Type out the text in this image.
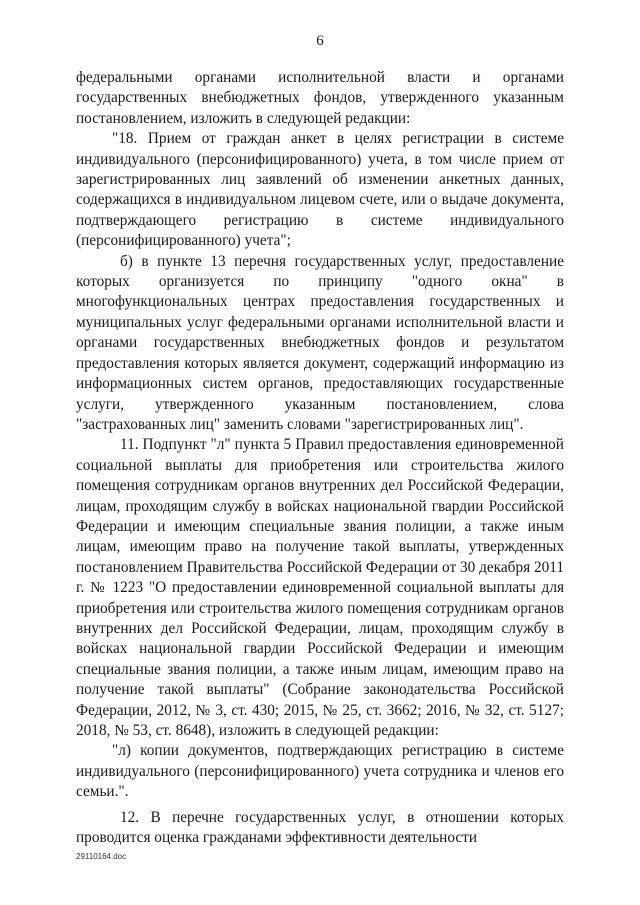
6

федеральными органами исполнительной власти и органами государственных внебюджетных фондов, утвержденного указанным постановлением, изложить в следующей редакции:

"18. Прием от граждан анкет в целях регистрации в системе индивидуального (персонифицированного) учета, в том числе прием от зарегистрированных лиц заявлений об изменении анкетных данных, содержащихся в индивидуальном лицевом счете, или о выдаче документа, подтверждающего регистрацию в системе индивидуального (персонифицированного) учета";

б) в пункте 13 перечня государственных услуг, предоставление которых организуется по принципу "одного окна" в многофункциональных центрах предоставления государственных и муниципальных услуг федеральными органами исполнительной власти и органами государственных внебюджетных фондов и результатом предоставления которых является документ, содержащий информацию из информационных систем органов, предоставляющих государственные услуги, утвержденного указанным постановлением, слова "застрахованных лиц" заменить словами "зарегистрированных лиц".

11. Подпункт "л" пункта 5 Правил предоставления единовременной социальной выплаты для приобретения или строительства жилого помещения сотрудникам органов внутренних дел Российской Федерации, лицам, проходящим службу в войсках национальной гвардии Российской Федерации и имеющим специальные звания полиции, а также иным лицам, имеющим право на получение такой выплаты, утвержденных постановлением Правительства Российской Федерации от 30 декабря 2011 г. № 1223 "О предоставлении единовременной социальной выплаты для приобретения или строительства жилого помещения сотрудникам органов внутренних дел Российской Федерации, лицам, проходящим службу в войсках национальной гвардии Российской Федерации и имеющим специальные звания полиции, а также иным лицам, имеющим право на получение такой выплаты" (Собрание законодательства Российской Федерации, 2012, № 3, ст. 430; 2015, № 25, ст. 3662; 2016, № 32, ст. 5127; 2018, № 53, ст. 8648), изложить в следующей редакции:

"л) копии документов, подтверждающих регистрацию в системе индивидуального (персонифицированного) учета сотрудника и членов его семьи.".

12. В перечне государственных услуг, в отношении которых проводится оценка гражданами эффективности деятельности

29110164.doc
